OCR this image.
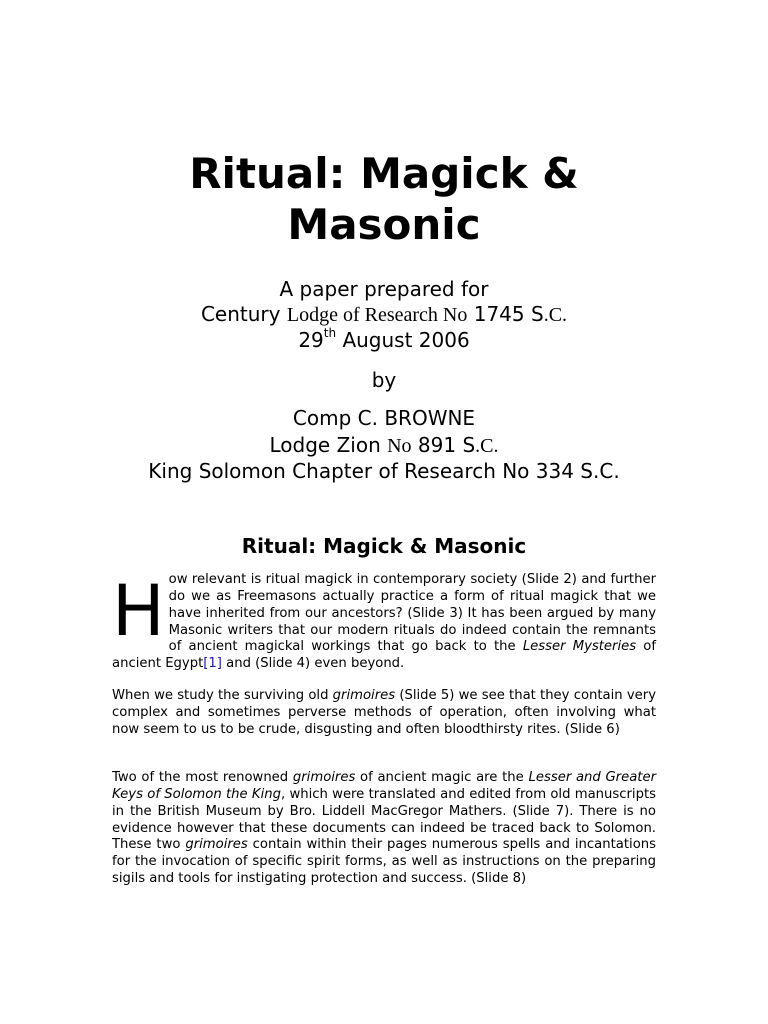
Ritual: Magick &
Masonic
A paper prepared for
Century Lodge of Research No 1745 S.C.
29th August 2006
by
Comp C. BROWNE
Lodge Zion No 891 S.C.
King Solomon Chapter of Research No 334 S.C.
Ritual: Magick & Masonic

How relevant is ritual magick in contemporary society (Slide 2) and further do we as Freemasons actually practice a form of ritual magick that we have inherited from our ancestors? (Slide 3) It has been argued by many Masonic writers that our modern rituals do indeed contain the remnants of ancient magickal workings that go back to the Lesser Mysteries of ancient Egypt[1] and (Slide 4) even beyond.

When we study the surviving old grimoires (Slide 5) we see that they contain very complex and sometimes perverse methods of operation, often involving what now seem to us to be crude, disgusting and often bloodthirsty rites. (Slide 6)

Two of the most renowned grimoires of ancient magic are the Lesser and Greater Keys of Solomon the King, which were translated and edited from old manuscripts in the British Museum by Bro. Liddell MacGregor Mathers. (Slide 7). There is no evidence however that these documents can indeed be traced back to Solomon. These two grimoires contain within their pages numerous spells and incantations for the invocation of specific spirit forms, as well as instructions on the preparing sigils and tools for instigating protection and success. (Slide 8)
